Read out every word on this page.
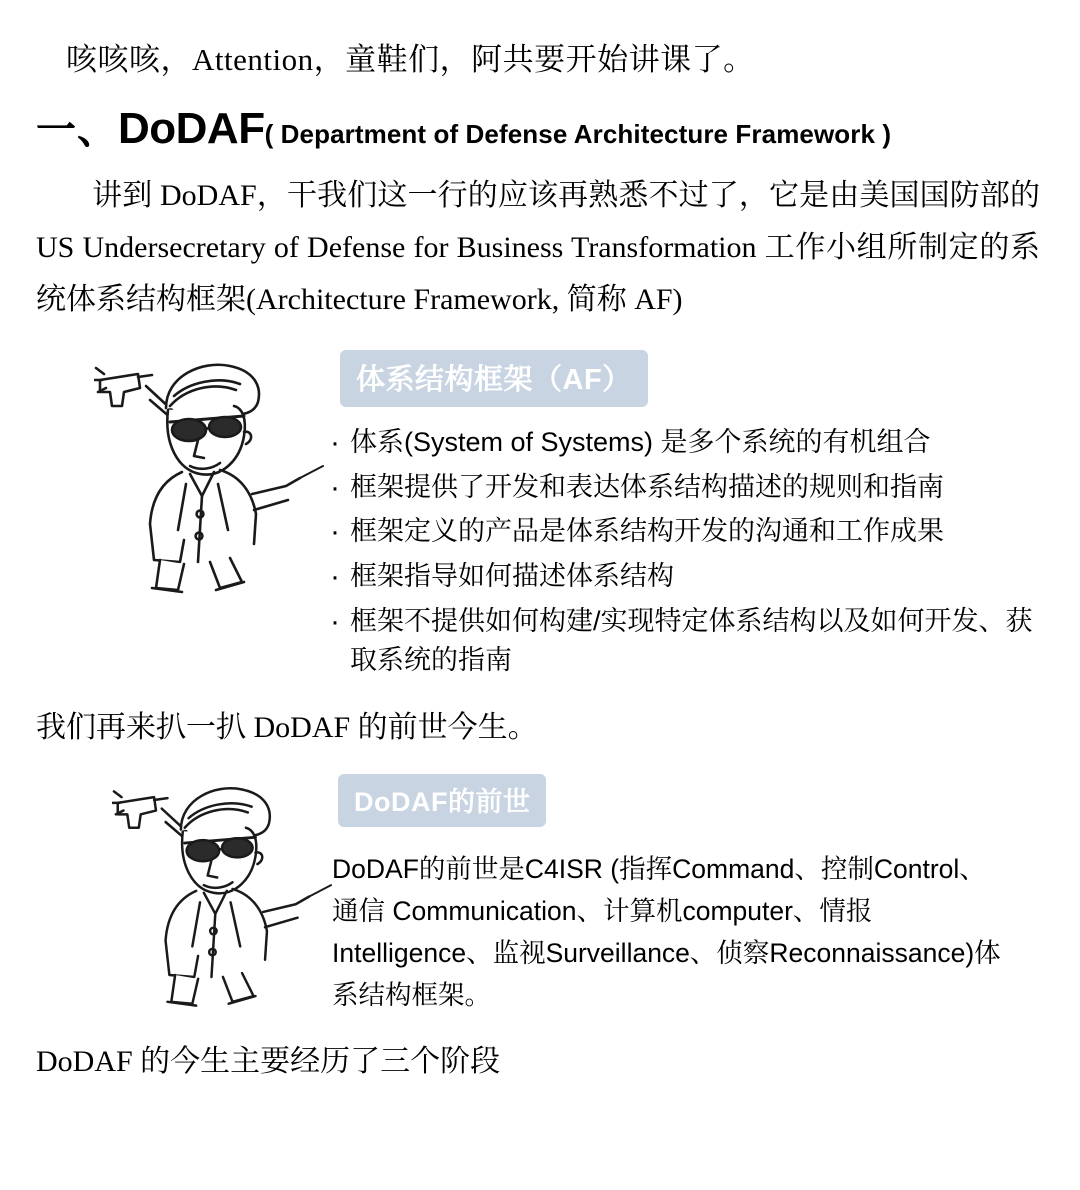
咳咳咳，Attention，童鞋们，阿共要开始讲课了。

一、DoDAF( Department of Defense Architecture Framework )

讲到 DoDAF，干我们这一行的应该再熟悉不过了，它是由美国国防部的 US Undersecretary of Defense for Business Transformation 工作小组所制定的系统体系结构框架(Architecture Framework, 简称 AF)

体系结构框架（AF）
· 体系(System of Systems) 是多个系统的有机组合
· 框架提供了开发和表达体系结构描述的规则和指南
· 框架定义的产品是体系结构开发的沟通和工作成果
· 框架指导如何描述体系结构
· 框架不提供如何构建/实现特定体系结构以及如何开发、获取系统的指南

我们再来扒一扒 DoDAF 的前世今生。

DoDAF的前世

DoDAF的前世是C4ISR (指挥Command、控制Control、通信 Communication、计算机computer、情报Intelligence、监视Surveillance、侦察Reconnaissance)体系结构框架。

DoDAF 的今生主要经历了三个阶段
